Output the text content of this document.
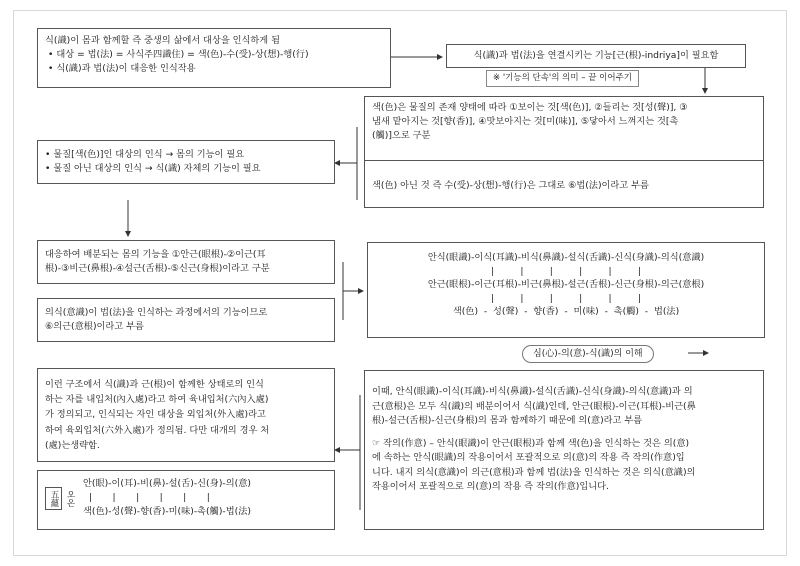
식(識)이 몸과 함께할 즉 중생의 삶에서 대상을 인식하게 됨
• 대상 = 법(法) = 사식주四識住) = 색(色)-수(受)-상(想)-행(行)
• 식(識)과 법(法)이 대응한 인식작용
식(識)과 법(法)을 연결시키는 기능[근(根)-indriya]이 필요함
※ '기능의 단속'의 의미 – 끝 이어주기
색(色)은 물질의 존재 양태에 따라 ①보이는 것[색(色)], ②들리는 것[성(聲)], ③
냄새 맡아지는 것[향(香)], ④맛보아지는 것[미(味)], ⑤닿아서 느껴지는 것[촉
(觸)]으로 구분
색(色) 아닌 것 즉 수(受)-상(想)-행(行)은 그대로 ⑥법(法)이라고 부름
• 물질[색(色)]인 대상의 인식 → 몸의 기능이 필요
• 물질 아닌 대상의 인식 → 식(識) 자체의 기능이 필요
대응하여 배분되는 몸의 기능을 ①안근(眼根)-②이근(耳
根)-③비근(鼻根)-④설근(舌根)-⑤신근(身根)이라고 구분
의식(意識)이 법(法)을 인식하는 과정에서의 기능이므로
⑥의근(意根)이라고 부름
안식(眼識)-이식(耳識)-비식(鼻識)-설식(舌識)-신식(身識)-의식(意識)
|         |         |         |         |         |
안근(眼根)-이근(耳根)-비근(鼻根)-설근(舌根)-신근(身根)-의근(意根)
|         |         |         |         |         |
색(色)  -  성(聲)  -  향(香)  -  미(味)  -  촉(觸)  -  법(法)
심(心)-의(意)-식(識)의 이해
이런 구조에서 식(識)과 근(根)이 함께한 상태로의 인식
하는 자를 내입처(內入處)라고 하여 육내입처(六內入處)
가 정의되고, 인식되는 자인 대상을 외입처(外入處)라고
하여 육외입처(六外入處)가 정의됨. 다만 대개의 경우 처
(處)는생략함.
五蘊 오온
안(眼)-이(耳)-비(鼻)-설(舌)-신(身)-의(意)
|       |       |       |       |       |
색(色)-성(聲)-향(香)-미(味)-촉(觸)-법(法)
이때, 안식(眼識)-이식(耳識)-비식(鼻識)-설식(舌識)-신식(身識)-의식(意識)과 의
근(意根)은 모두 식(識)의 배분이어서 식(識)인데, 안근(眼根)-이근(耳根)-비근(鼻
根)-설근(舌根)-신근(身根)의 몸과 함께하기 때문에 의(意)라고 부름
☞ 작의(作意) – 안식(眼識)이 안근(眼根)과 함께 색(色)을 인식하는 것은 의(意)
에 속하는 안식(眼識)의 작용이어서 포괄적으로 의(意)의 작용 즉 작의(作意)입
니다. 내지 의식(意識)이 의근(意根)과 함께 법(法)을 인식하는 것은 의식(意識)의
작용이어서 포괄적으로 의(意)의 작용 즉 작의(作意)입니다.
